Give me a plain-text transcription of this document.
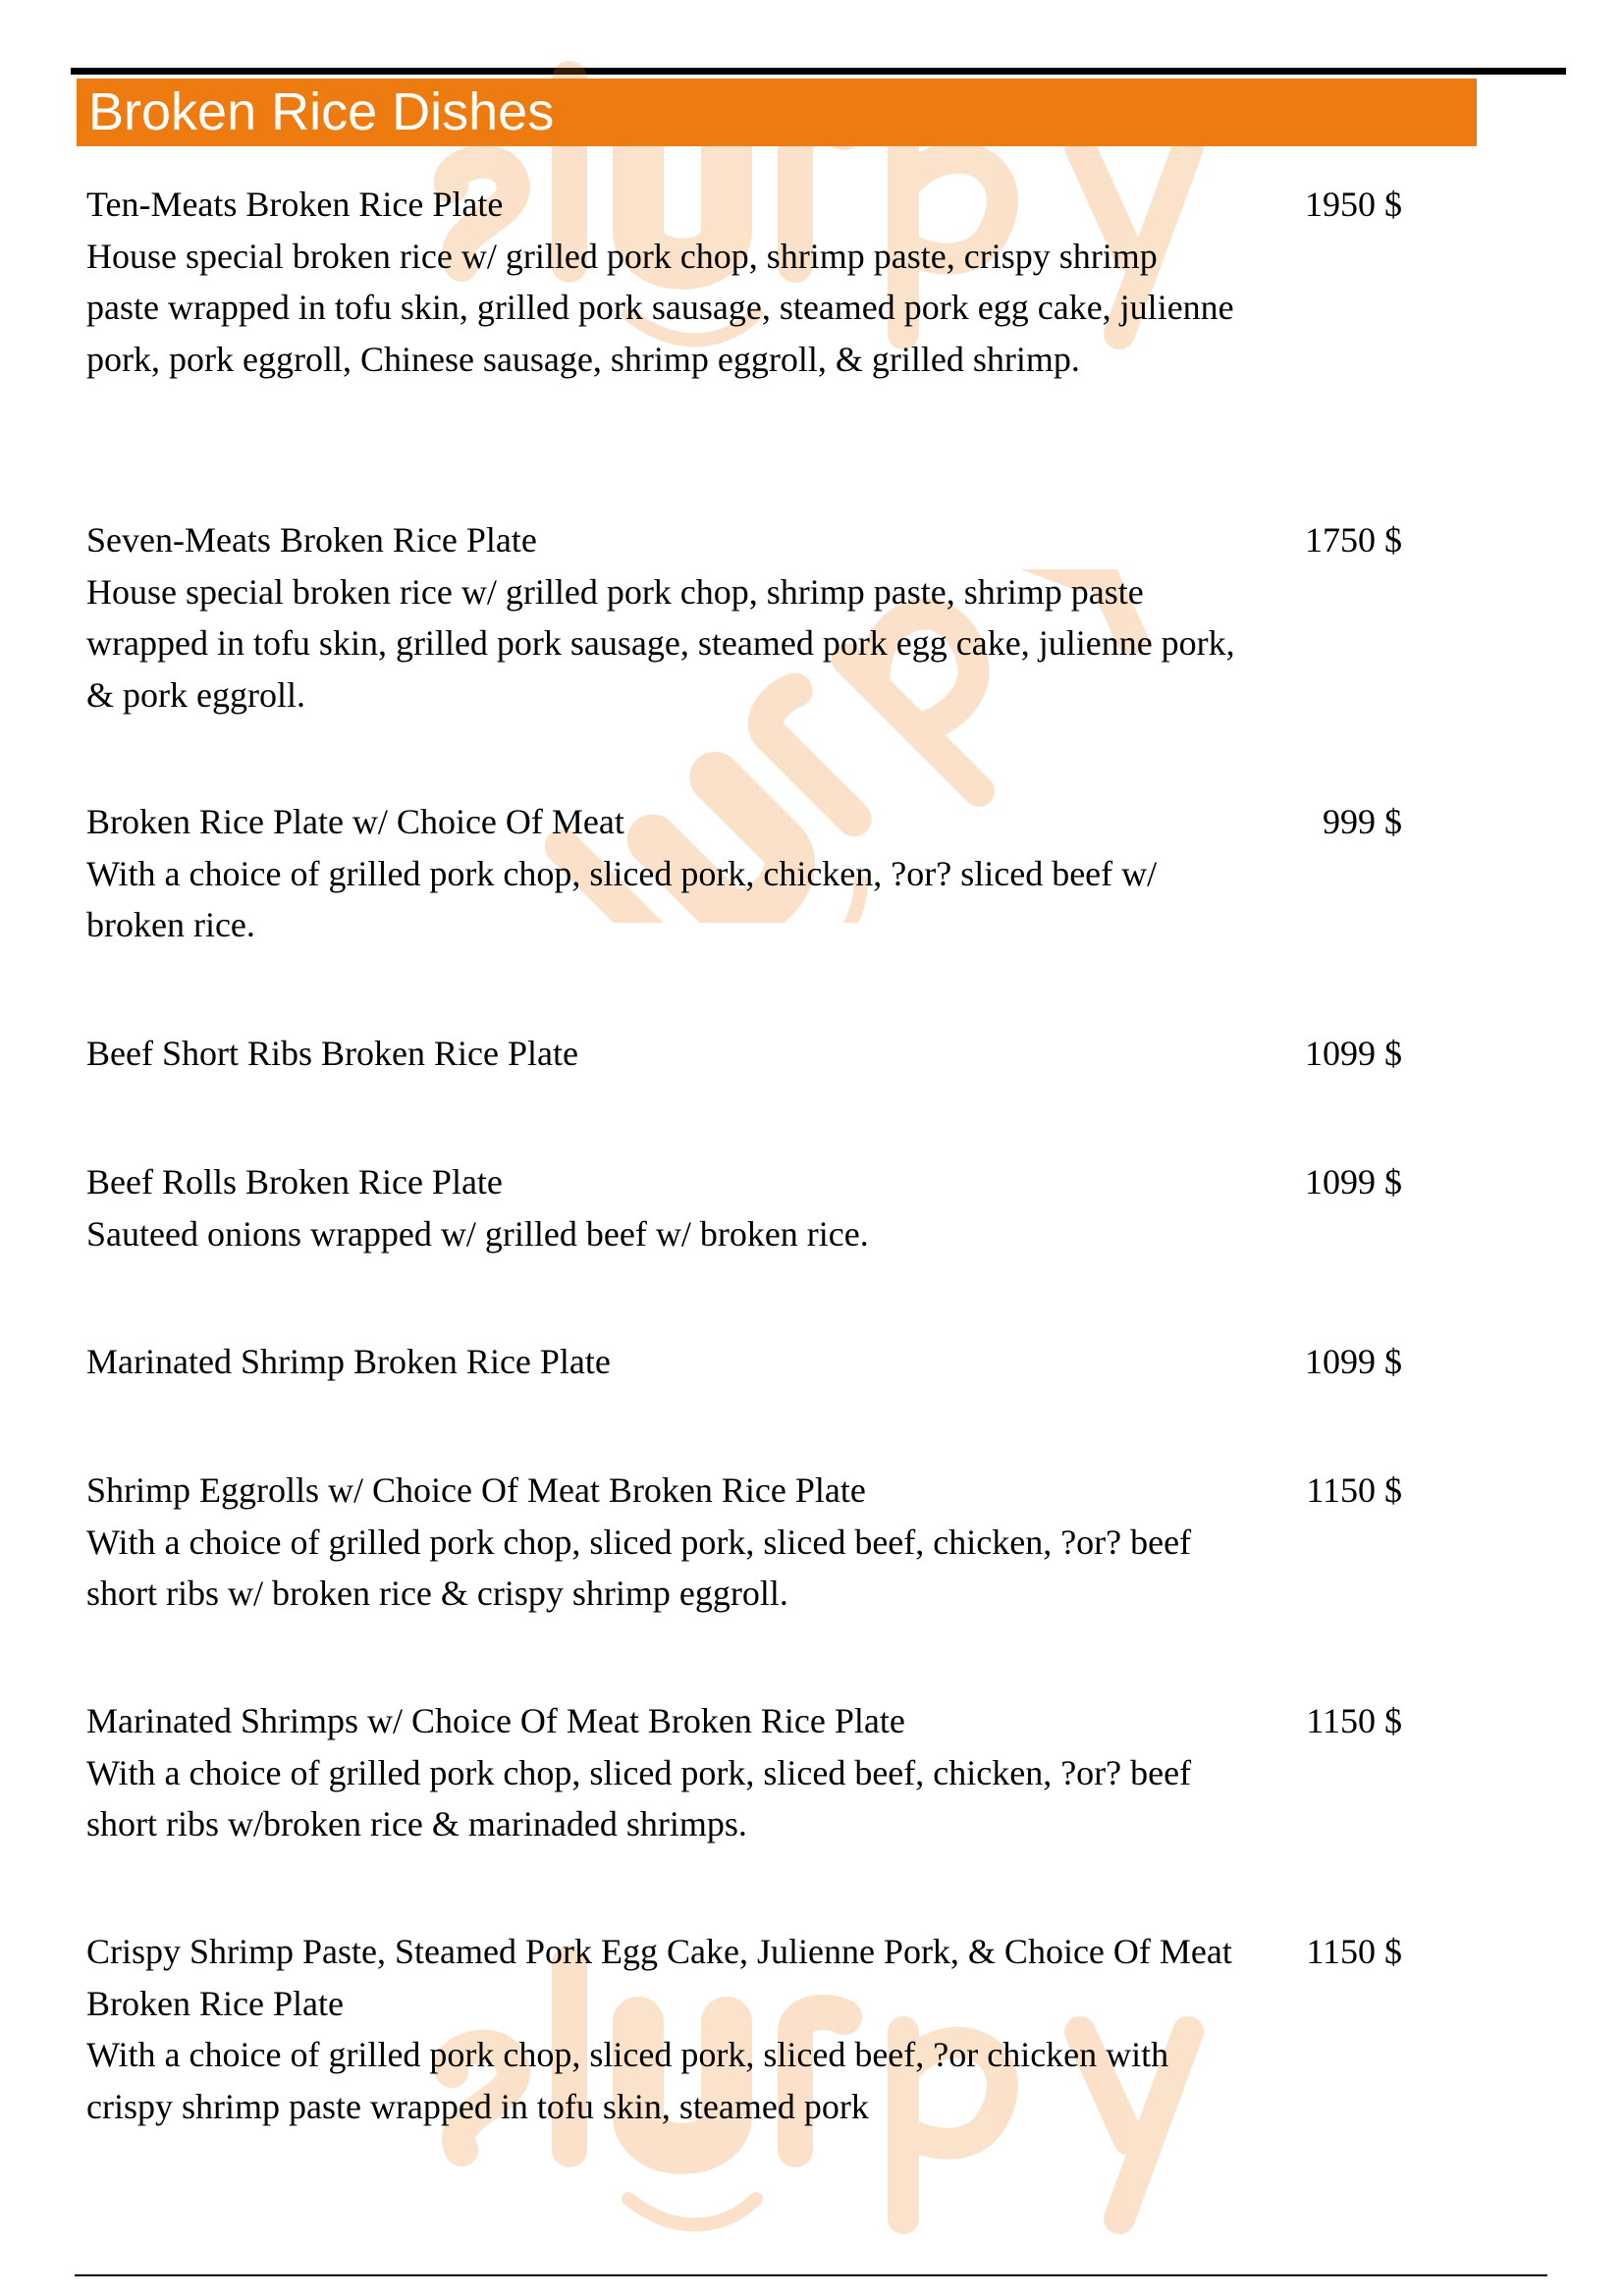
Broken Rice Dishes
Ten-Meats Broken Rice Plate
House special broken rice w/ grilled pork chop, shrimp paste, crispy shrimp paste wrapped in tofu skin, grilled pork sausage, steamed pork egg cake, julienne pork, pork eggroll, Chinese sausage, shrimp eggroll, & grilled shrimp.
1950 $
Seven-Meats Broken Rice Plate
House special broken rice w/ grilled pork chop, shrimp paste, shrimp paste wrapped in tofu skin, grilled pork sausage, steamed pork egg cake, julienne pork, & pork eggroll.
1750 $
Broken Rice Plate w/ Choice Of Meat
With a choice of grilled pork chop, sliced pork, chicken, ?or? sliced beef w/ broken rice.
999 $
Beef Short Ribs Broken Rice Plate	1099 $
Beef Rolls Broken Rice Plate
Sauteed onions wrapped w/ grilled beef w/ broken rice.
1099 $
Marinated Shrimp Broken Rice Plate	1099 $
Shrimp Eggrolls w/ Choice Of Meat Broken Rice Plate
With a choice of grilled pork chop, sliced pork, sliced beef, chicken, ?or? beef short ribs w/ broken rice & crispy shrimp eggroll.
1150 $
Marinated Shrimps w/ Choice Of Meat Broken Rice Plate
With a choice of grilled pork chop, sliced pork, sliced beef, chicken, ?or? beef short ribs w/broken rice & marinaded shrimps.
1150 $
Crispy Shrimp Paste, Steamed Pork Egg Cake, Julienne Pork, & Choice Of Meat Broken Rice Plate
With a choice of grilled pork chop, sliced pork, sliced beef, ?or chicken with crispy shrimp paste wrapped in tofu skin, steamed pork
1150 $
